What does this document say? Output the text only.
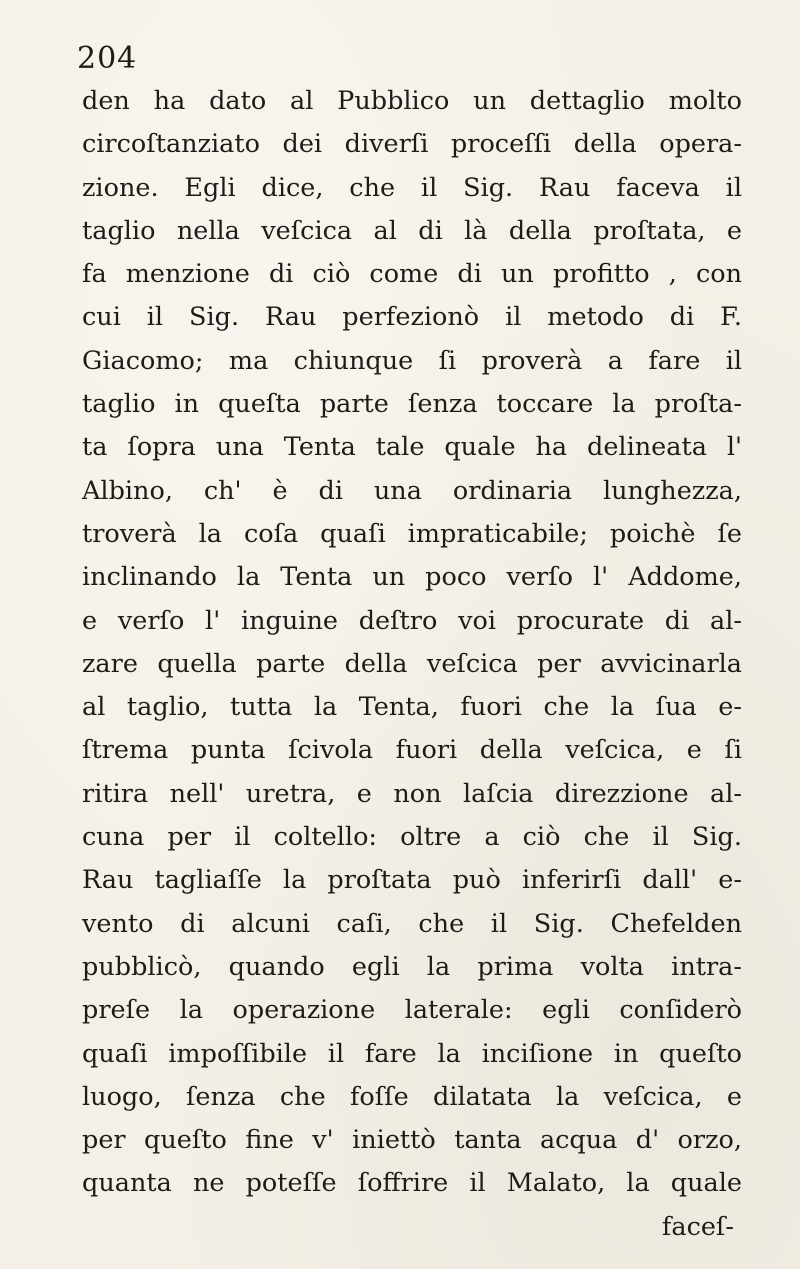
204
den ha dato al Pubblico un dettaglio molto
circoſtanziato dei diverſi proceſſi della opera-
zione. Egli dice, che il Sig. Rau faceva il
taglio nella veſcica al di là della proſtata, e
fa menzione di ciò come di un profitto , con
cui il Sig. Rau perfezionò il metodo di F.
Giacomo; ma chiunque ſi proverà a fare il
taglio in queſta parte ſenza toccare la proſta-
ta ſopra una Tenta tale quale ha delineata l'
Albino, ch' è di una ordinaria lunghezza,
troverà la coſa quaſi impraticabile; poichè ſe
inclinando la Tenta un poco verſo l' Addome,
e verſo l' inguine deſtro voi procurate di al-
zare quella parte della veſcica per avvicinarla
al taglio, tutta la Tenta, fuori che la ſua e-
ſtrema punta ſcivola fuori della veſcica, e ſi
ritira nell' uretra, e non laſcia direzzione al-
cuna per il coltello: oltre a ciò che il Sig.
Rau tagliaſſe la proſtata può inferirſi dall' e-
vento di alcuni caſi, che il Sig. Chefelden
pubblicò, quando egli la prima volta intra-
preſe la operazione laterale: egli conſiderò
quaſi impoſſibile il fare la inciſione in queſto
luogo, ſenza che foſſe dilatata la veſcica, e
per queſto fine v' iniettò tanta acqua d' orzo,
quanta ne poteſſe ſoffrire il Malato, la quale
faceſ-
